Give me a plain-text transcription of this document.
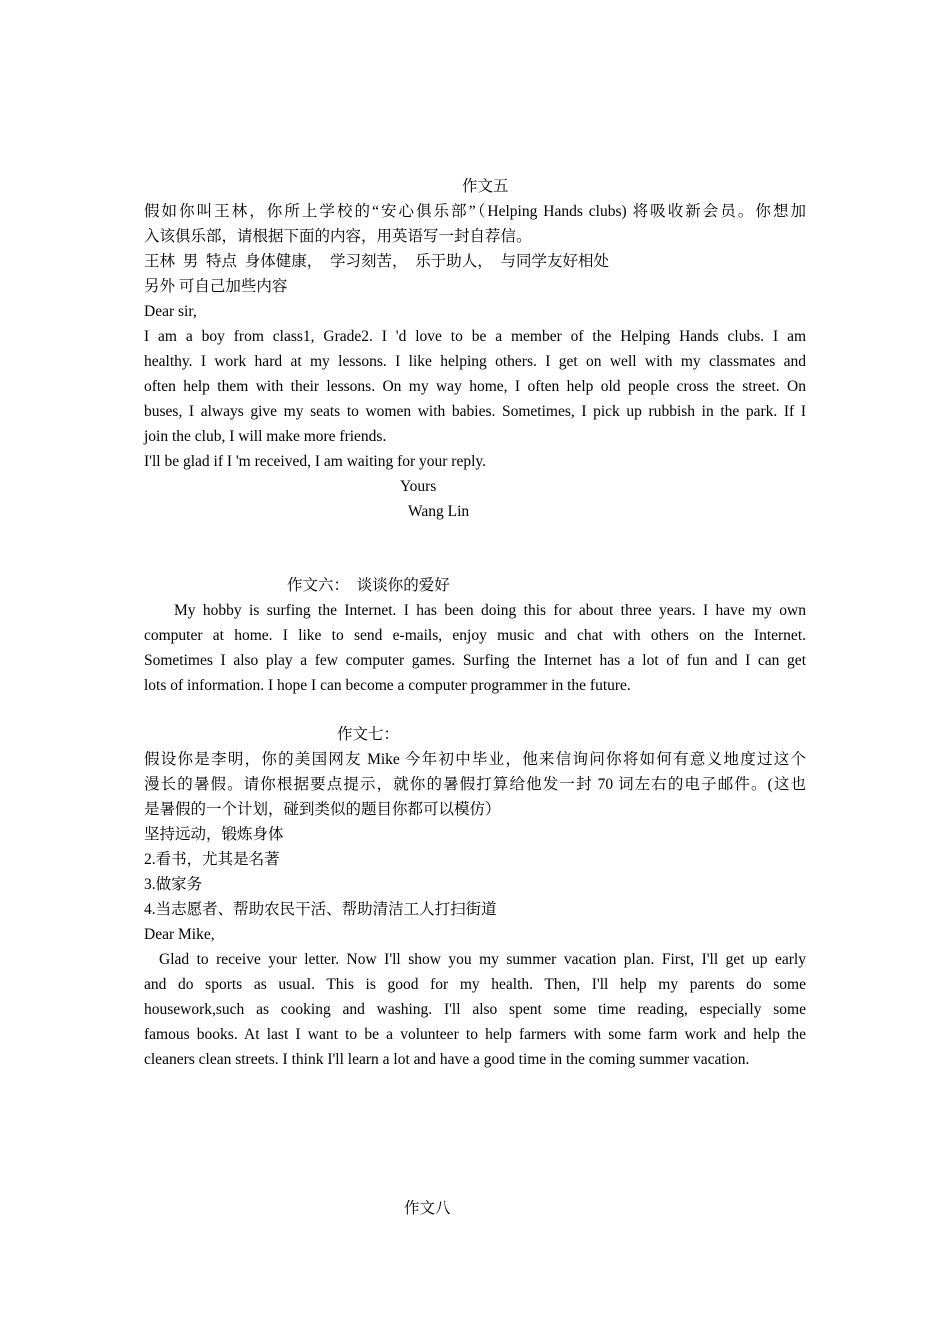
作文五
假如你叫王林，你所上学校的“安心俱乐部”（Helping Hands clubs) 将吸收新会员。你想加
入该俱乐部，请根据下面的内容，用英语写一封自荐信。
王林  男  特点  身体健康，  学习刻苦，  乐于助人，  与同学友好相处
另外 可自己加些内容
Dear sir,
I am a boy from class1, Grade2. I 'd love to be a member of the Helping Hands clubs. I am
healthy. I work hard at my lessons. I like helping others. I get on well with my classmates and
often help them with their lessons. On my way home, I often help old people cross the street. On
buses, I always give my seats to women with babies. Sometimes, I pick up rubbish in the park. If I
join the club, I will make more friends.
I'll be glad if I 'm received, I am waiting for your reply.
Yours
Wang Lin
作文六：  谈谈你的爱好
My hobby is surfing the Internet. I has been doing this for about three years. I have my own
computer at home. I like to send e-mails, enjoy music and chat with others on the Internet.
Sometimes I also play a few computer games. Surfing the Internet has a lot of fun and I can get
lots of information. I hope I can become a computer programmer in the future.
作文七：
假设你是李明，你的美国网友 Mike 今年初中毕业，他来信询问你将如何有意义地度过这个
漫长的暑假。请你根据要点提示，就你的暑假打算给他发一封 70 词左右的电子邮件。(这也
是暑假的一个计划，碰到类似的题目你都可以模仿）
坚持远动，锻炼身体
2.看书，尤其是名著
3.做家务
4.当志愿者、帮助农民干活、帮助清洁工人打扫街道
Dear Mike,
Glad to receive your letter. Now I'll show you my summer vacation plan. First, I'll get up early
and do sports as usual. This is good for my health. Then, I'll help my parents do some
housework,such as cooking and washing. I'll also spent some time reading, especially some
famous books. At last I want to be a volunteer to help farmers with some farm work and help the
cleaners clean streets. I think I'll learn a lot and have a good time in the coming summer vacation.
作文八
